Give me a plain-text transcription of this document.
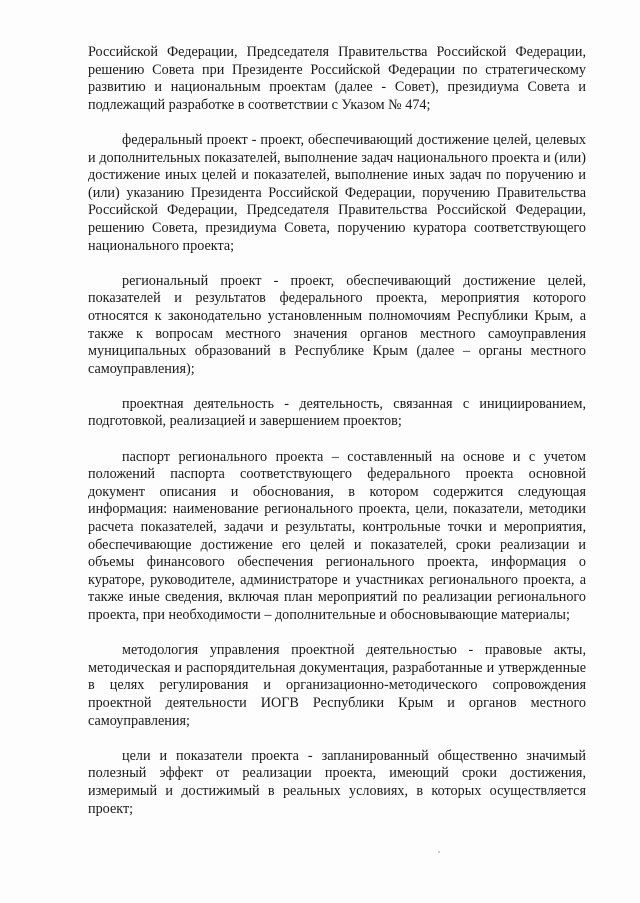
Российской Федерации, Председателя Правительства Российской Федерации, решению Совета при Президенте Российской Федерации по стратегическому развитию и национальным проектам (далее - Совет), президиума Совета и подлежащий разработке в соответствии с Указом № 474;

федеральный проект - проект, обеспечивающий достижение целей, целевых и дополнительных показателей, выполнение задач национального проекта и (или) достижение иных целей и показателей, выполнение иных задач по поручению и (или) указанию Президента Российской Федерации, поручению Правительства Российской Федерации, Председателя Правительства Российской Федерации, решению Совета, президиума Совета, поручению куратора соответствующего национального проекта;

региональный проект - проект, обеспечивающий достижение целей, показателей и результатов федерального проекта, мероприятия которого относятся к законодательно установленным полномочиям Республики Крым, а также к вопросам местного значения органов местного самоуправления муниципальных образований в Республике Крым (далее – органы местного самоуправления);

проектная деятельность - деятельность, связанная с инициированием, подготовкой, реализацией и завершением проектов;

паспорт регионального проекта – составленный на основе и с учетом положений паспорта соответствующего федерального проекта основной документ описания и обоснования, в котором содержится следующая информация: наименование регионального проекта, цели, показатели, методики расчета показателей, задачи и результаты, контрольные точки и мероприятия, обеспечивающие достижение его целей и показателей, сроки реализации и объемы финансового обеспечения регионального проекта, информация о кураторе, руководителе, администраторе и участниках регионального проекта, а также иные сведения, включая план мероприятий по реализации регионального проекта, при необходимости – дополнительные и обосновывающие материалы;

методология управления проектной деятельностью - правовые акты, методическая и распорядительная документация, разработанные и утвержденные в целях регулирования и организационно-методического сопровождения проектной деятельности ИОГВ Республики Крым и органов местного самоуправления;

цели и показатели проекта - запланированный общественно значимый полезный эффект от реализации проекта, имеющий сроки достижения, измеримый и достижимый в реальных условиях, в которых осуществляется проект;
